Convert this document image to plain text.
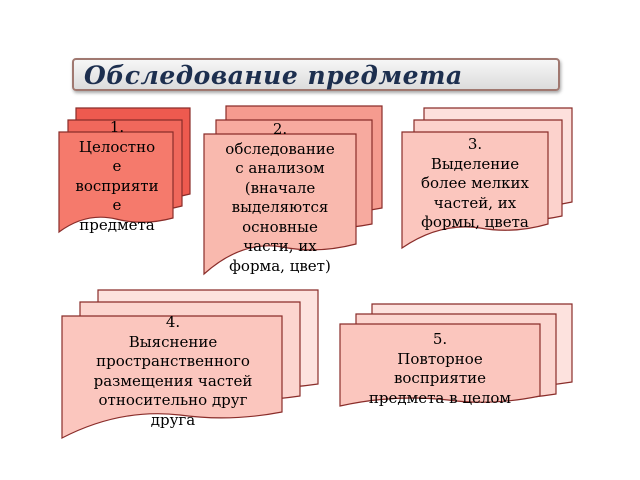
Обследование предмета
1.
Целостно
е
восприяти
е
предмета
2.
обследование
с анализом
(вначале
выделяются
основные
части, их
форма, цвет)
3.
Выделение
более мелких
частей, их
формы, цвета
4.
Выяснение
пространственного
размещения частей
относительно друг
друга
5.
Повторное
восприятие
предмета в целом
